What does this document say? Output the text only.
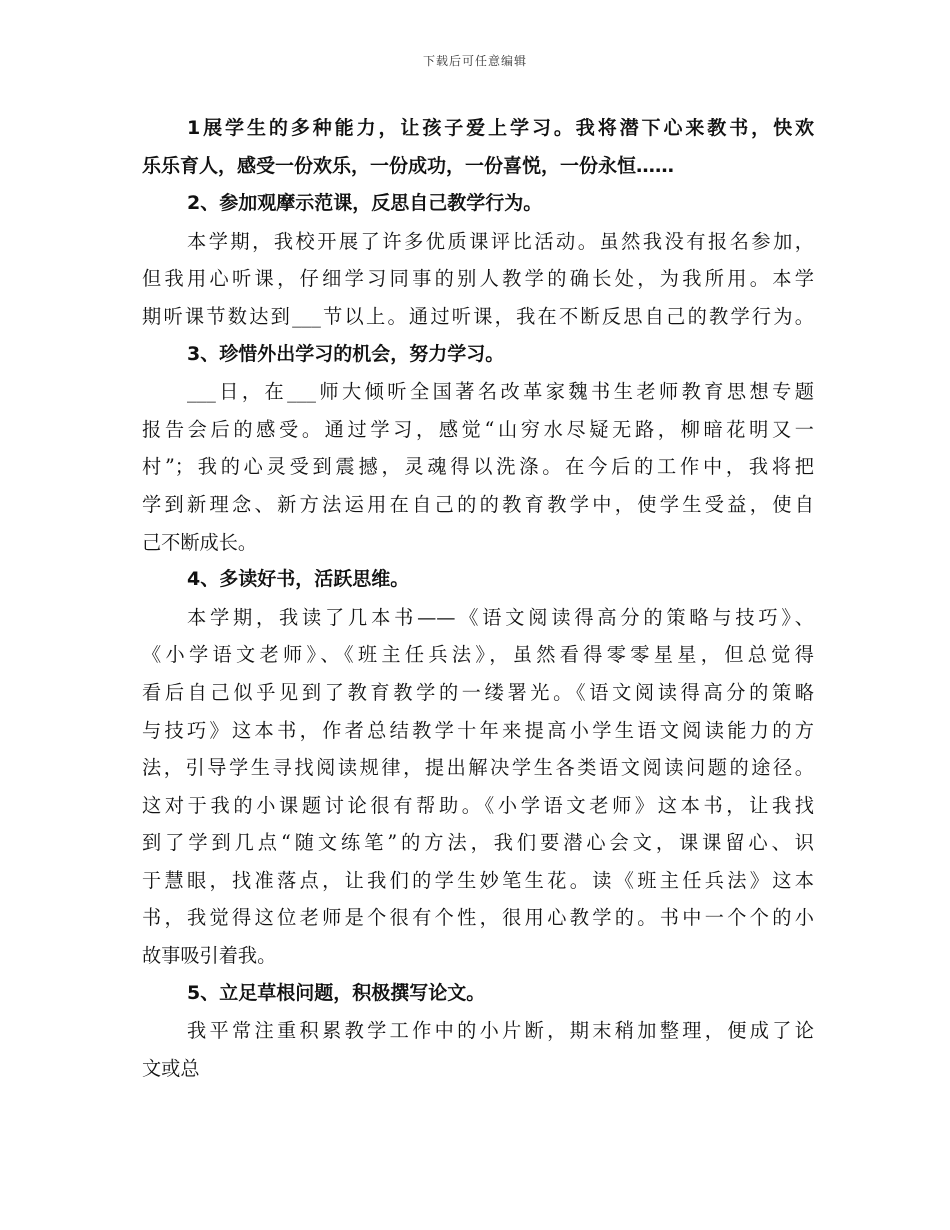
下载后可任意编辑
1展学生的多种能力，让孩子爱上学习。我将潜下心来教书，快欢
乐乐育人，感受一份欢乐，一份成功，一份喜悦，一份永恒……
2、参加观摩示范课，反思自己教学行为。
本学期，我校开展了许多优质课评比活动。虽然我没有报名参加，
但我用心听课，仔细学习同事的别人教学的确长处，为我所用。本学
期听课节数达到___节以上。通过听课，我在不断反思自己的教学行为。
3、珍惜外出学习的机会，努力学习。
___日，在___师大倾听全国著名改革家魏书生老师教育思想专题
报告会后的感受。通过学习，感觉“山穷水尽疑无路，柳暗花明又一
村”；我的心灵受到震撼，灵魂得以洗涤。在今后的工作中，我将把
学到新理念、新方法运用在自己的的教育教学中，使学生受益，使自
己不断成长。
4、多读好书，活跃思维。
本学期，我读了几本书——《语文阅读得高分的策略与技巧》、
《小学语文老师》、《班主任兵法》，虽然看得零零星星，但总觉得
看后自己似乎见到了教育教学的一缕署光。《语文阅读得高分的策略
与技巧》这本书，作者总结教学十年来提高小学生语文阅读能力的方
法，引导学生寻找阅读规律，提出解决学生各类语文阅读问题的途径。
这对于我的小课题讨论很有帮助。《小学语文老师》这本书，让我找
到了学到几点“随文练笔”的方法，我们要潜心会文，课课留心、识
于慧眼，找准落点，让我们的学生妙笔生花。读《班主任兵法》这本
书，我觉得这位老师是个很有个性，很用心教学的。书中一个个的小
故事吸引着我。
5、立足草根问题，积极撰写论文。
我平常注重积累教学工作中的小片断，期末稍加整理，便成了论
文或总
